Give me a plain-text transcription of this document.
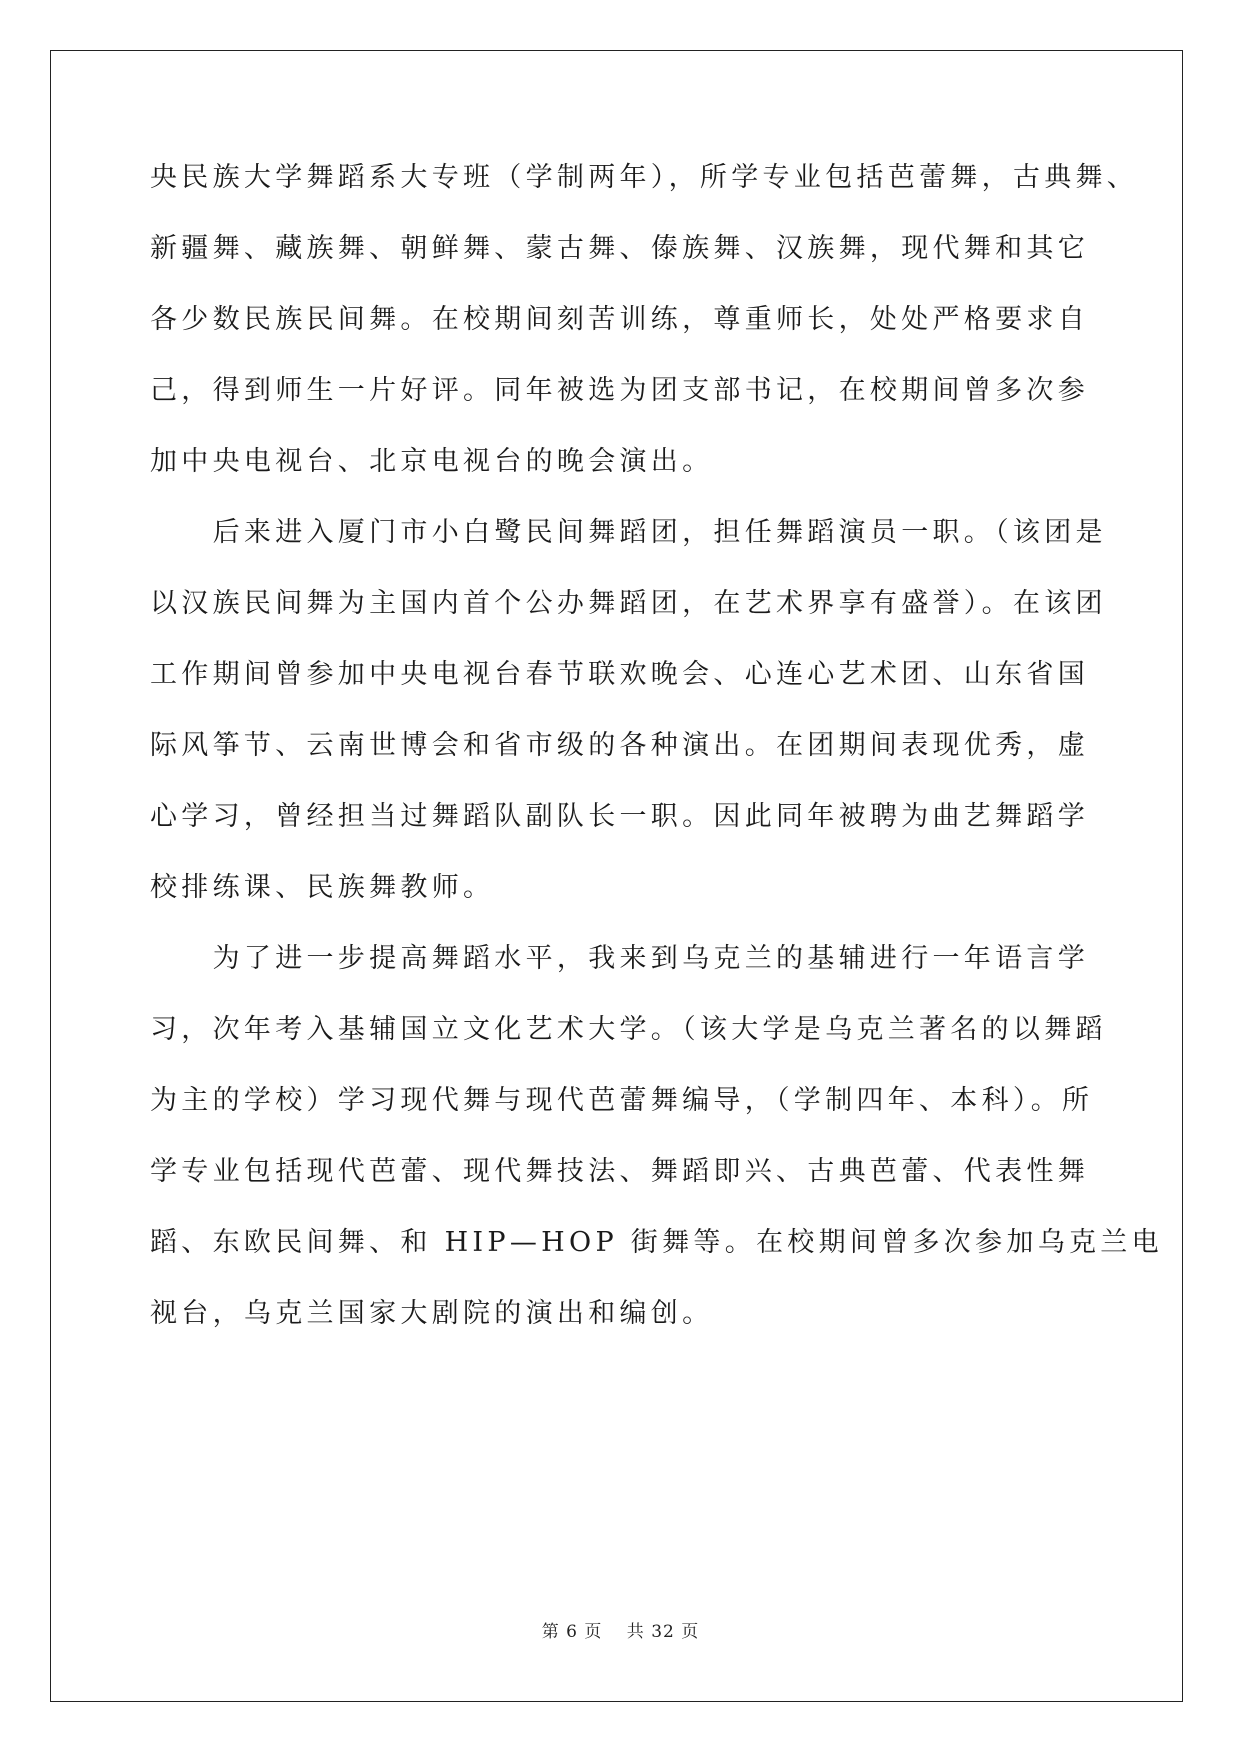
央民族大学舞蹈系大专班（学制两年），所学专业包括芭蕾舞，古典舞、
新疆舞、藏族舞、朝鲜舞、蒙古舞、傣族舞、汉族舞，现代舞和其它
各少数民族民间舞。在校期间刻苦训练，尊重师长，处处严格要求自
己，得到师生一片好评。同年被选为团支部书记，在校期间曾多次参
加中央电视台、北京电视台的晚会演出。
　　后来进入厦门市小白鹭民间舞蹈团，担任舞蹈演员一职。（该团是
以汉族民间舞为主国内首个公办舞蹈团，在艺术界享有盛誉）。在该团
工作期间曾参加中央电视台春节联欢晚会、心连心艺术团、山东省国
际风筝节、云南世博会和省市级的各种演出。在团期间表现优秀，虚
心学习，曾经担当过舞蹈队副队长一职。因此同年被聘为曲艺舞蹈学
校排练课、民族舞教师。
　　为了进一步提高舞蹈水平，我来到乌克兰的基辅进行一年语言学
习，次年考入基辅国立文化艺术大学。（该大学是乌克兰著名的以舞蹈
为主的学校）学习现代舞与现代芭蕾舞编导，（学制四年、本科）。所
学专业包括现代芭蕾、现代舞技法、舞蹈即兴、古典芭蕾、代表性舞
蹈、东欧民间舞、和 HIP—HOP 街舞等。在校期间曾多次参加乌克兰电
视台，乌克兰国家大剧院的演出和编创。
第 6 页　 共 32 页
